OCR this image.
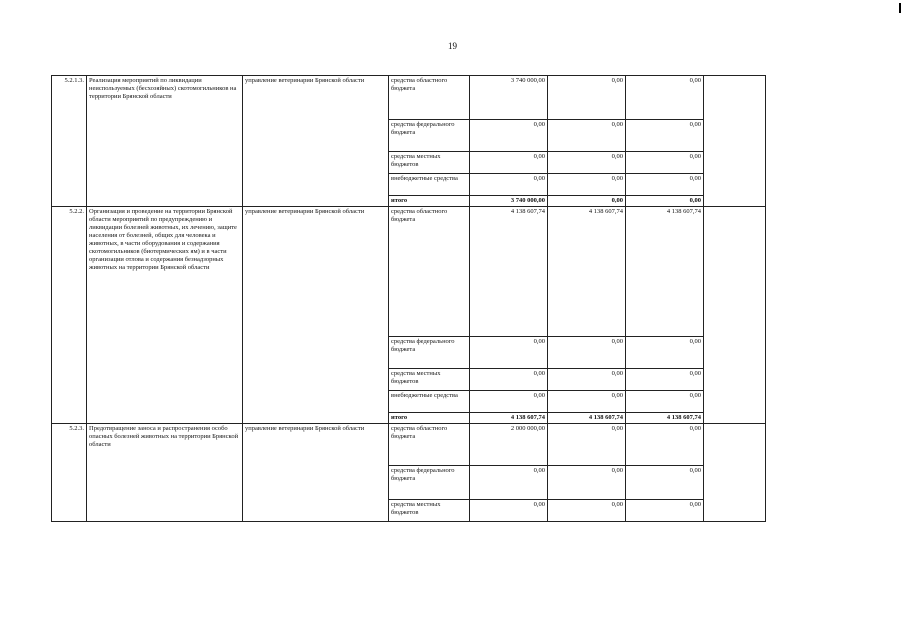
19
5.2.1.3.	Реализация мероприятий по ликвидации неиспользуемых (бесхозяйных) скотомогильников на территории Брянской области	управление ветеринарии Брянской области	средства областного бюджета	3 740 000,00	0,00	0,00	
			средства федерального бюджета	0,00	0,00	0,00	
			средства местных бюджетов	0,00	0,00	0,00	
			внебюджетные средства	0,00	0,00	0,00	
			итого	3 740 000,00	0,00	0,00	
5.2.2.	Организация и проведение на территории Брянской области мероприятий по предупреждению и ликвидации болезней животных, их лечению, защите населения от болезней, общих для человека и животных, в части оборудования и содержания скотомогильников (биотермических ям) и в части организации отлова и содержания безнадзорных животных на территории Брянской области	управление ветеринарии Брянской области	средства областного бюджета	4 138 607,74	4 138 607,74	4 138 607,74	
			средства федерального бюджета	0,00	0,00	0,00	
			средства местных бюджетов	0,00	0,00	0,00	
			внебюджетные средства	0,00	0,00	0,00	
			итого	4 138 607,74	4 138 607,74	4 138 607,74	
5.2.3.	Предотвращение заноса и распространения особо опасных болезней животных на территории Брянской области	управление ветеринарии Брянской области	средства областного бюджета	2 000 000,00	0,00	0,00	
			средства федерального бюджета	0,00	0,00	0,00	
			средства местных бюджетов	0,00	0,00	0,00	
